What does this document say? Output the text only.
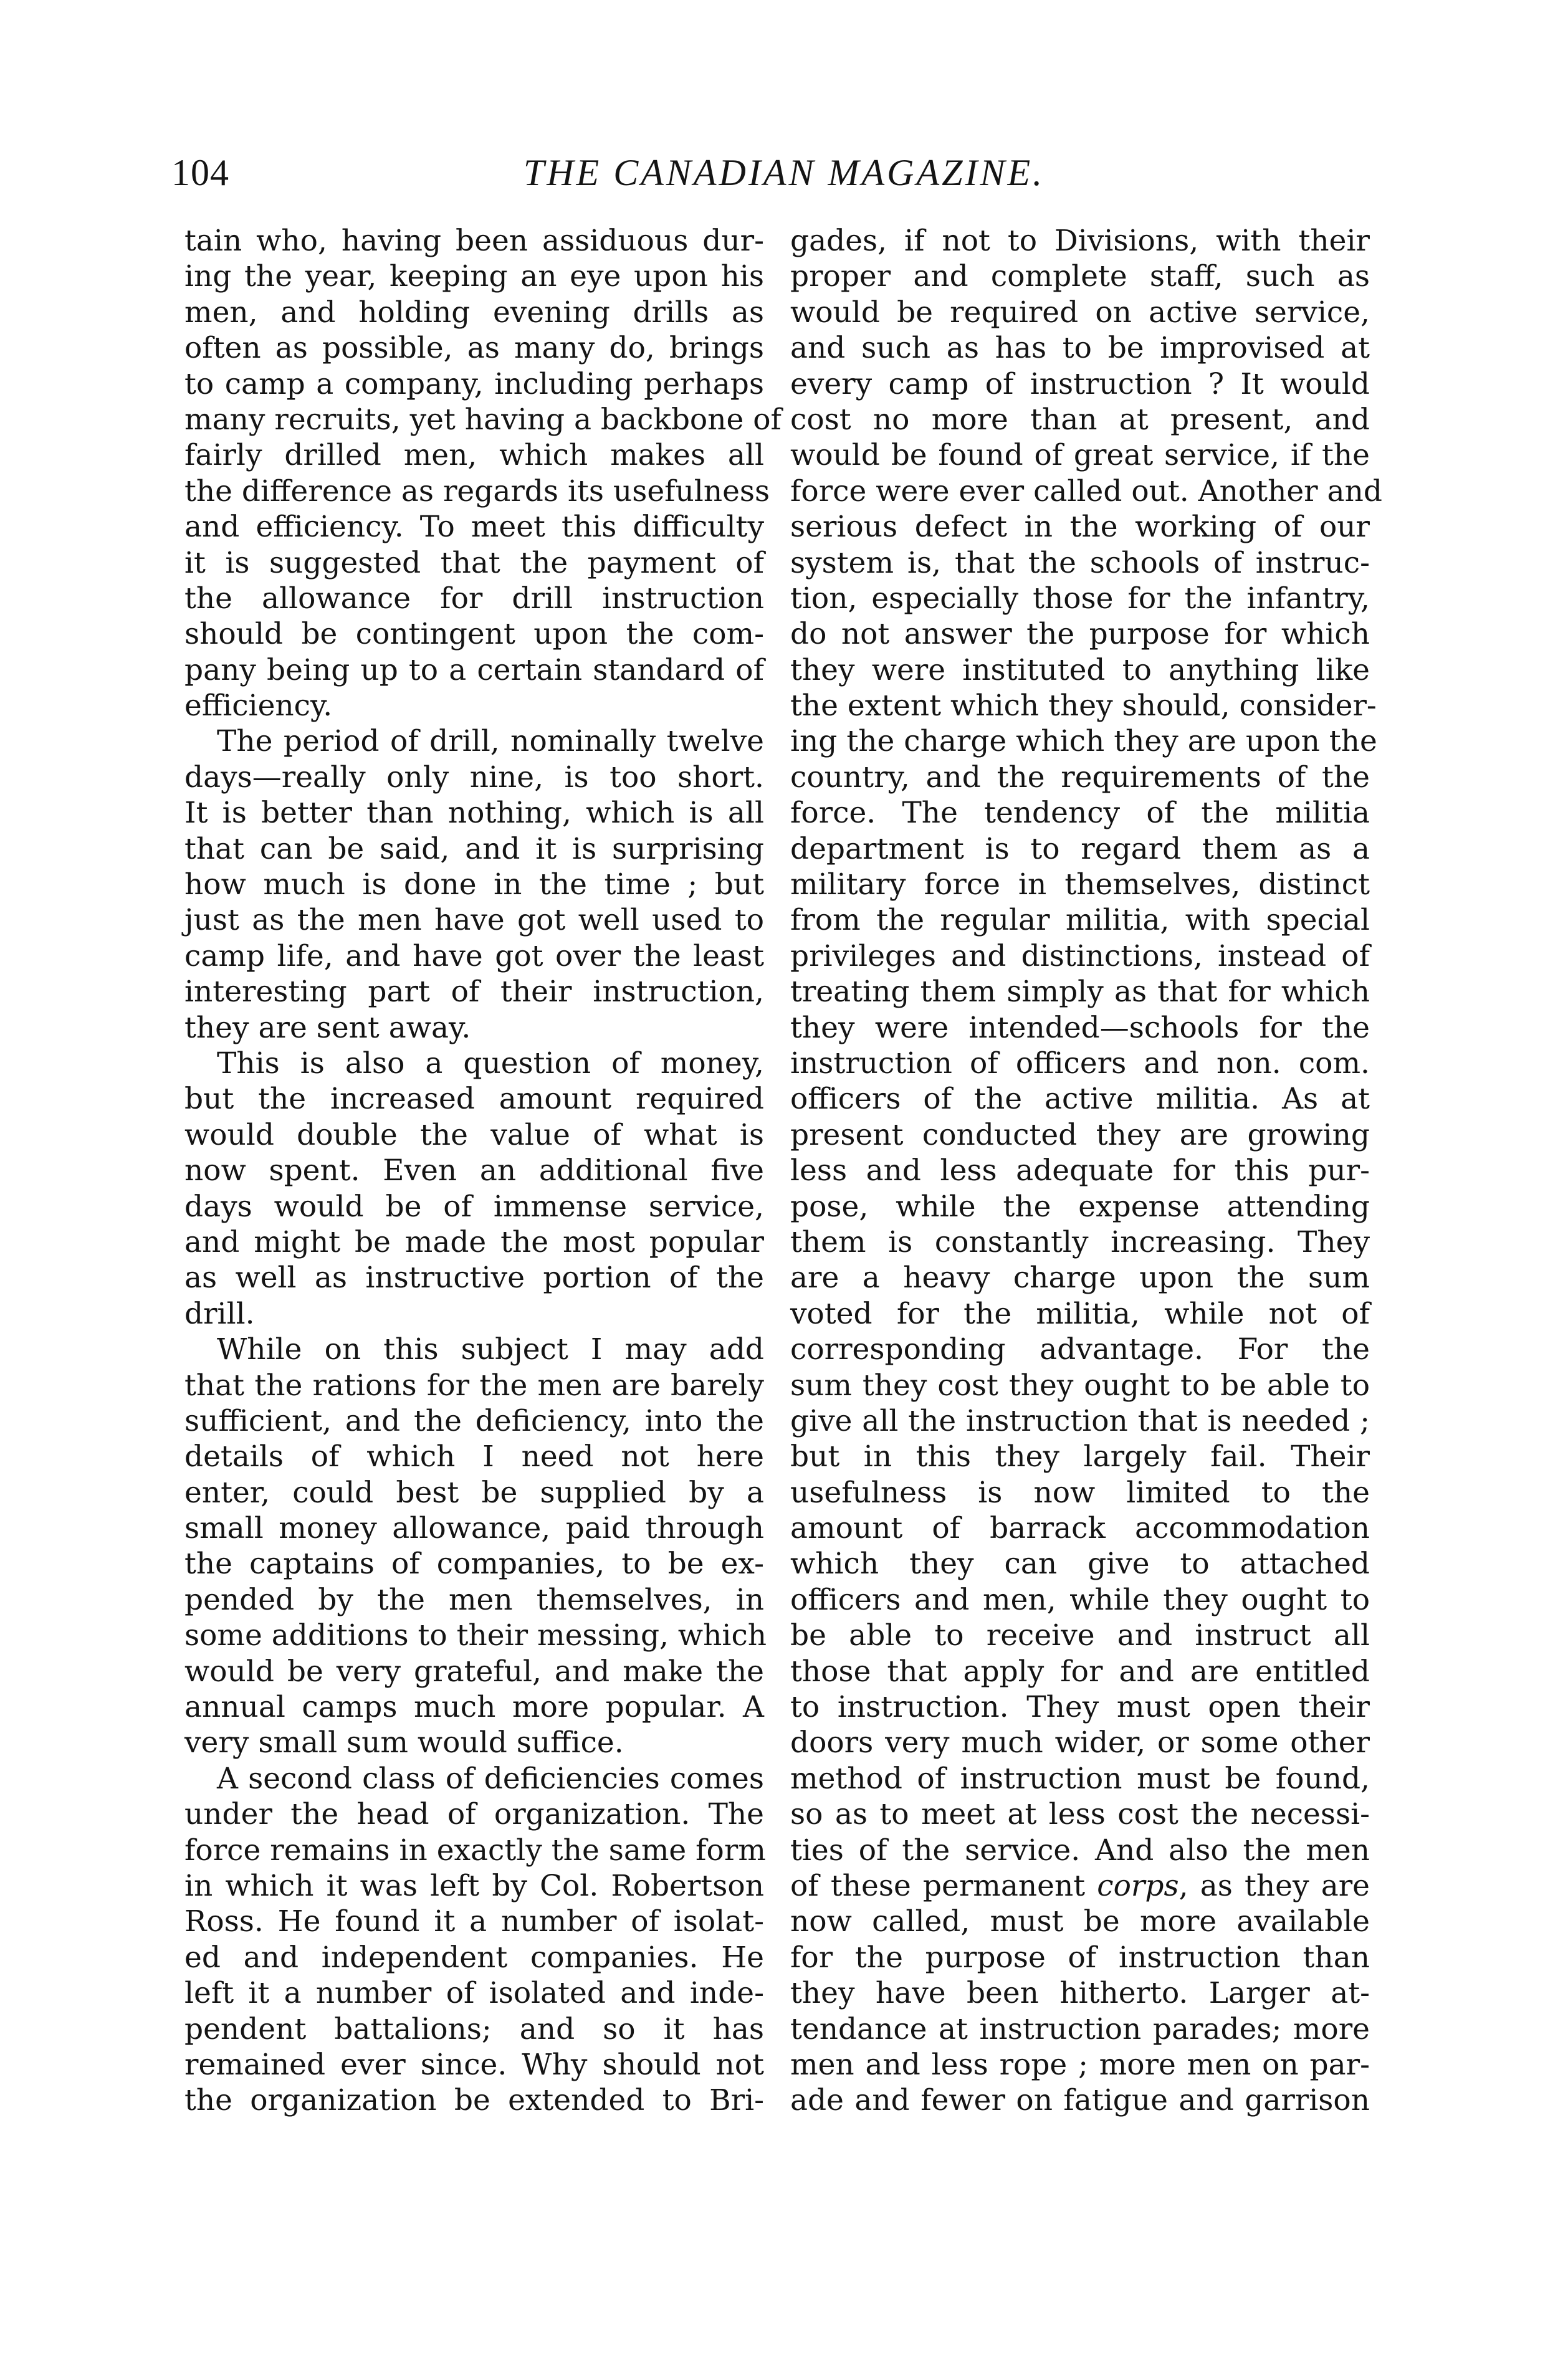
104	THE CANADIAN MAGAZINE.
tain who, having been assiduous dur-
ing the year, keeping an eye upon his
men, and holding evening drills as
often as possible, as many do, brings
to camp a company, including perhaps
many recruits, yet having a backbone of
fairly drilled men, which makes all
the difference as regards its usefulness
and efficiency. To meet this difficulty
it is suggested that the payment of
the allowance for drill instruction
should be contingent upon the com-
pany being up to a certain standard of
efficiency.
The period of drill, nominally twelve
days—really only nine, is too short.
It is better than nothing, which is all
that can be said, and it is surprising
how much is done in the time ; but
just as the men have got well used to
camp life, and have got over the least
interesting part of their instruction,
they are sent away.
This is also a question of money,
but the increased amount required
would double the value of what is
now spent. Even an additional five
days would be of immense service,
and might be made the most popular
as well as instructive portion of the
drill.
While on this subject I may add
that the rations for the men are barely
sufficient, and the deficiency, into the
details of which I need not here
enter, could best be supplied by a
small money allowance, paid through
the captains of companies, to be ex-
pended by the men themselves, in
some additions to their messing, which
would be very grateful, and make the
annual camps much more popular. A
very small sum would suffice.
A second class of deficiencies comes
under the head of organization. The
force remains in exactly the same form
in which it was left by Col. Robertson
Ross. He found it a number of isolat-
ed and independent companies. He
left it a number of isolated and inde-
pendent battalions; and so it has
remained ever since. Why should not
the organization be extended to Bri-
gades, if not to Divisions, with their
proper and complete staff, such as
would be required on active service,
and such as has to be improvised at
every camp of instruction ? It would
cost no more than at present, and
would be found of great service, if the
force were ever called out. Another and
serious defect in the working of our
system is, that the schools of instruc-
tion, especially those for the infantry,
do not answer the purpose for which
they were instituted to anything like
the extent which they should, consider-
ing the charge which they are upon the
country, and the requirements of the
force. The tendency of the militia
department is to regard them as a
military force in themselves, distinct
from the regular militia, with special
privileges and distinctions, instead of
treating them simply as that for which
they were intended—schools for the
instruction of officers and non. com.
officers of the active militia. As at
present conducted they are growing
less and less adequate for this pur-
pose, while the expense attending
them is constantly increasing. They
are a heavy charge upon the sum
voted for the militia, while not of
corresponding advantage. For the
sum they cost they ought to be able to
give all the instruction that is needed ;
but in this they largely fail. Their
usefulness is now limited to the
amount of barrack accommodation
which they can give to attached
officers and men, while they ought to
be able to receive and instruct all
those that apply for and are entitled
to instruction. They must open their
doors very much wider, or some other
method of instruction must be found,
so as to meet at less cost the necessi-
ties of the service. And also the men
of these permanent corps, as they are
now called, must be more available
for the purpose of instruction than
they have been hitherto. Larger at-
tendance at instruction parades; more
men and less rope ; more men on par-
ade and fewer on fatigue and garrison
